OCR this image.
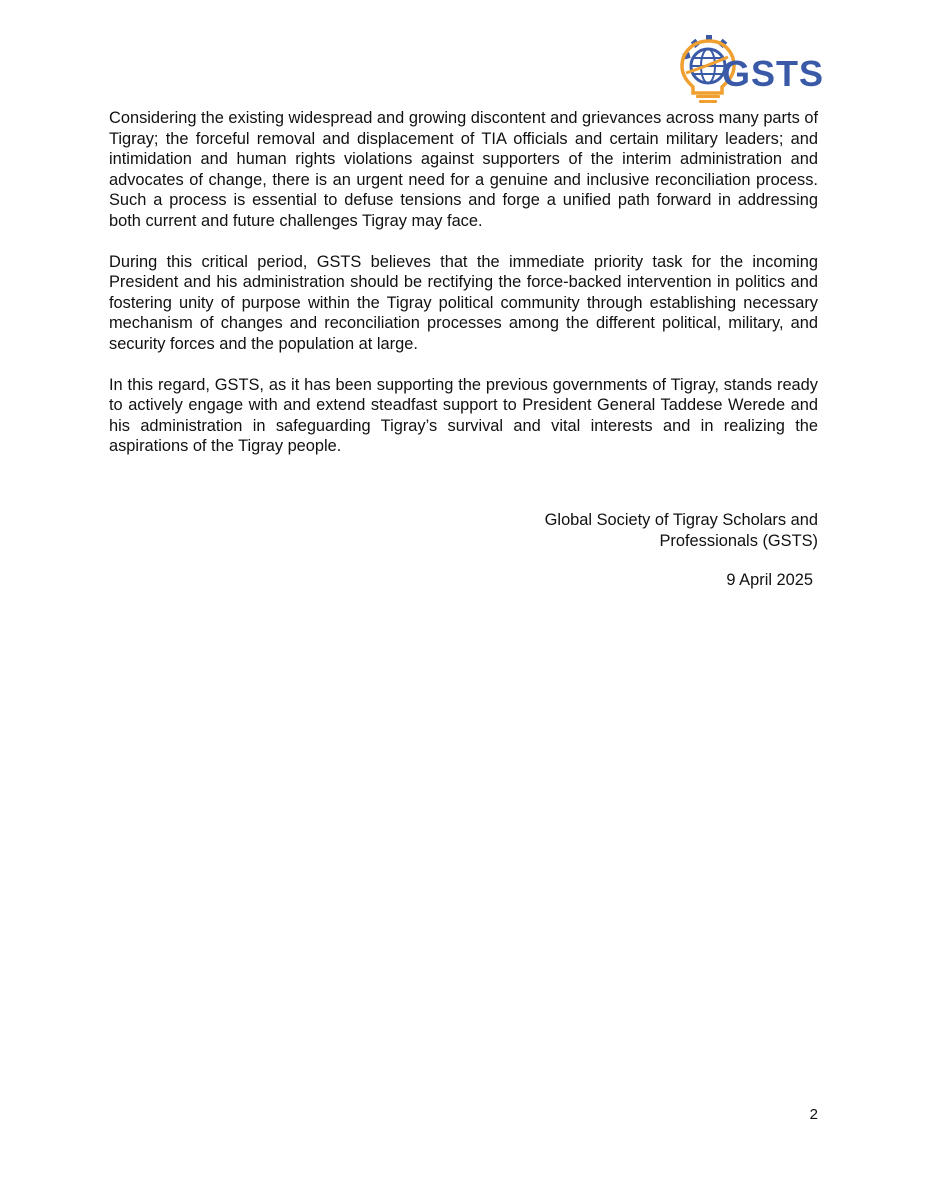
GSTS

Considering the existing widespread and growing discontent and grievances across many parts of Tigray; the forceful removal and displacement of TIA officials and certain military leaders; and intimidation and human rights violations against supporters of the interim administration and advocates of change, there is an urgent need for a genuine and inclusive reconciliation process. Such a process is essential to defuse tensions and forge a unified path forward in addressing both current and future challenges Tigray may face.

During this critical period, GSTS believes that the immediate priority task for the incoming President and his administration should be rectifying the force-backed intervention in politics and fostering unity of purpose within the Tigray political community through establishing necessary mechanism of changes and reconciliation processes among the different political, military, and security forces and the population at large.

In this regard, GSTS, as it has been supporting the previous governments of Tigray, stands ready to actively engage with and extend steadfast support to President General Taddese Werede and his administration in safeguarding Tigray’s survival and vital interests and in realizing the aspirations of the Tigray people.

Global Society of Tigray Scholars and
Professionals (GSTS)
9 April 2025
2
